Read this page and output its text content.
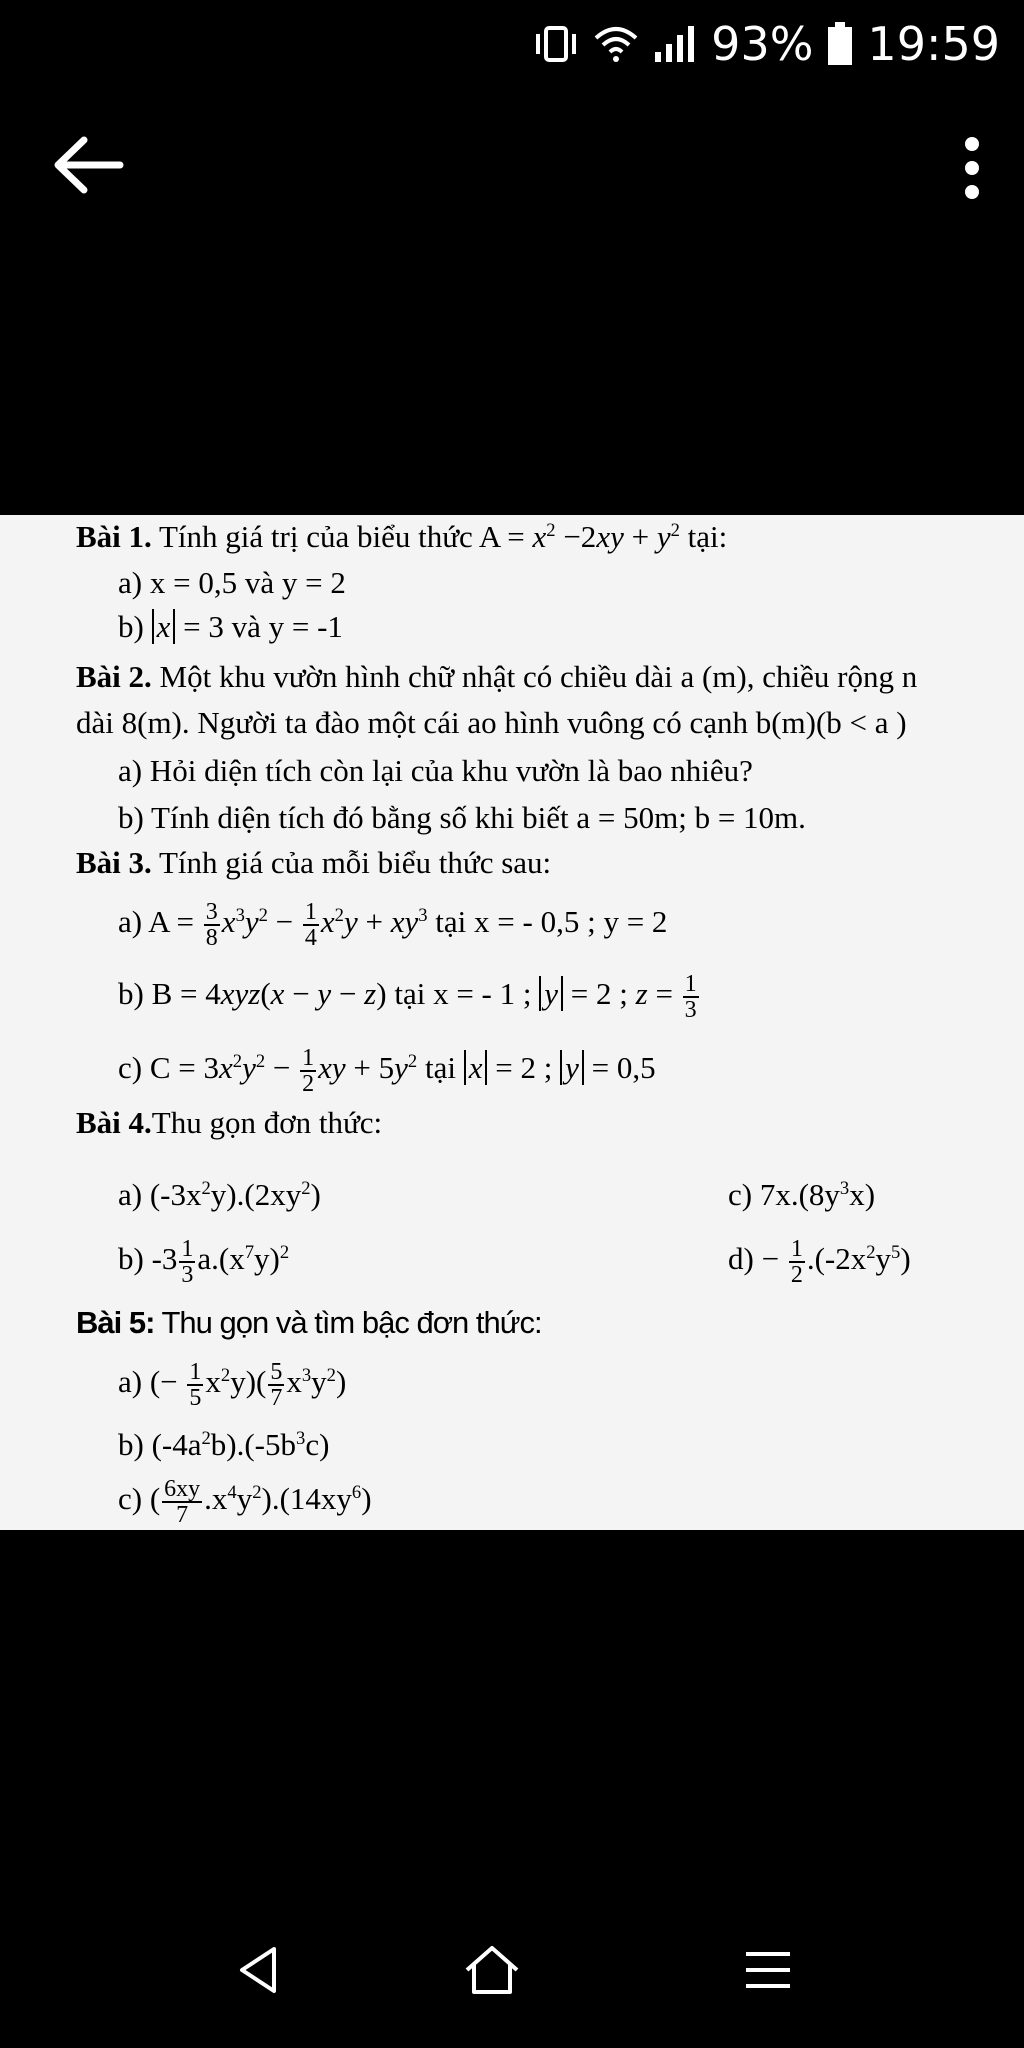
93% 19:59
Bài 1. Tính giá trị của biểu thức $A = x^2 -2xy + y^2$ tại:
a) x = 0,5 và y = 2
b) x = 3 và y = -1
Bài 2. Một khu vườn hình chữ nhật có chiều dài a (m), chiều rộng n
dài 8(m). Người ta đào một cái ao hình vuông có cạnh b(m)(b < a )
a) Hỏi diện tích còn lại của khu vườn là bao nhiêu?
b) Tính diện tích đó bằng số khi biết a = 50m; b = 10m.
Bài 3. Tính giá của mỗi biểu thức sau:
a) $A = \frac{3}{8} x^3y^2 - \frac{1}{4} x^2y + xy^3$ tại x = - 0,5 ; y = 2
b) B = 4xyz(x − y − z) tại x = - 1 ; y = 2 ; $z = \frac{1}{3}$
c) $C = 3x^2y^2 - \frac{1}{2}$ xy + $5y^2$ tại x = 2 ; y = 0,5
Bài 4.Thu gọn đơn thức:
a) $(-3x^2y).(2xy^2)$	c) $7x.(8y^3x)$
b) $-3 \frac{1}{3} a.(x^7y)^2$	$d) - \frac{1}{2} .(-2x^2y^5)$
Bài 5: Thu gọn và tìm bậc đơn thức:
a) (− $\frac{1}{5} x^2y)( \frac{5}{7} x^3y^2)$
b) $(-4a^2b).(-5b^3c)$
c) ( $\frac{6xy}{7} .x^4y^2).(14xy^6)$
